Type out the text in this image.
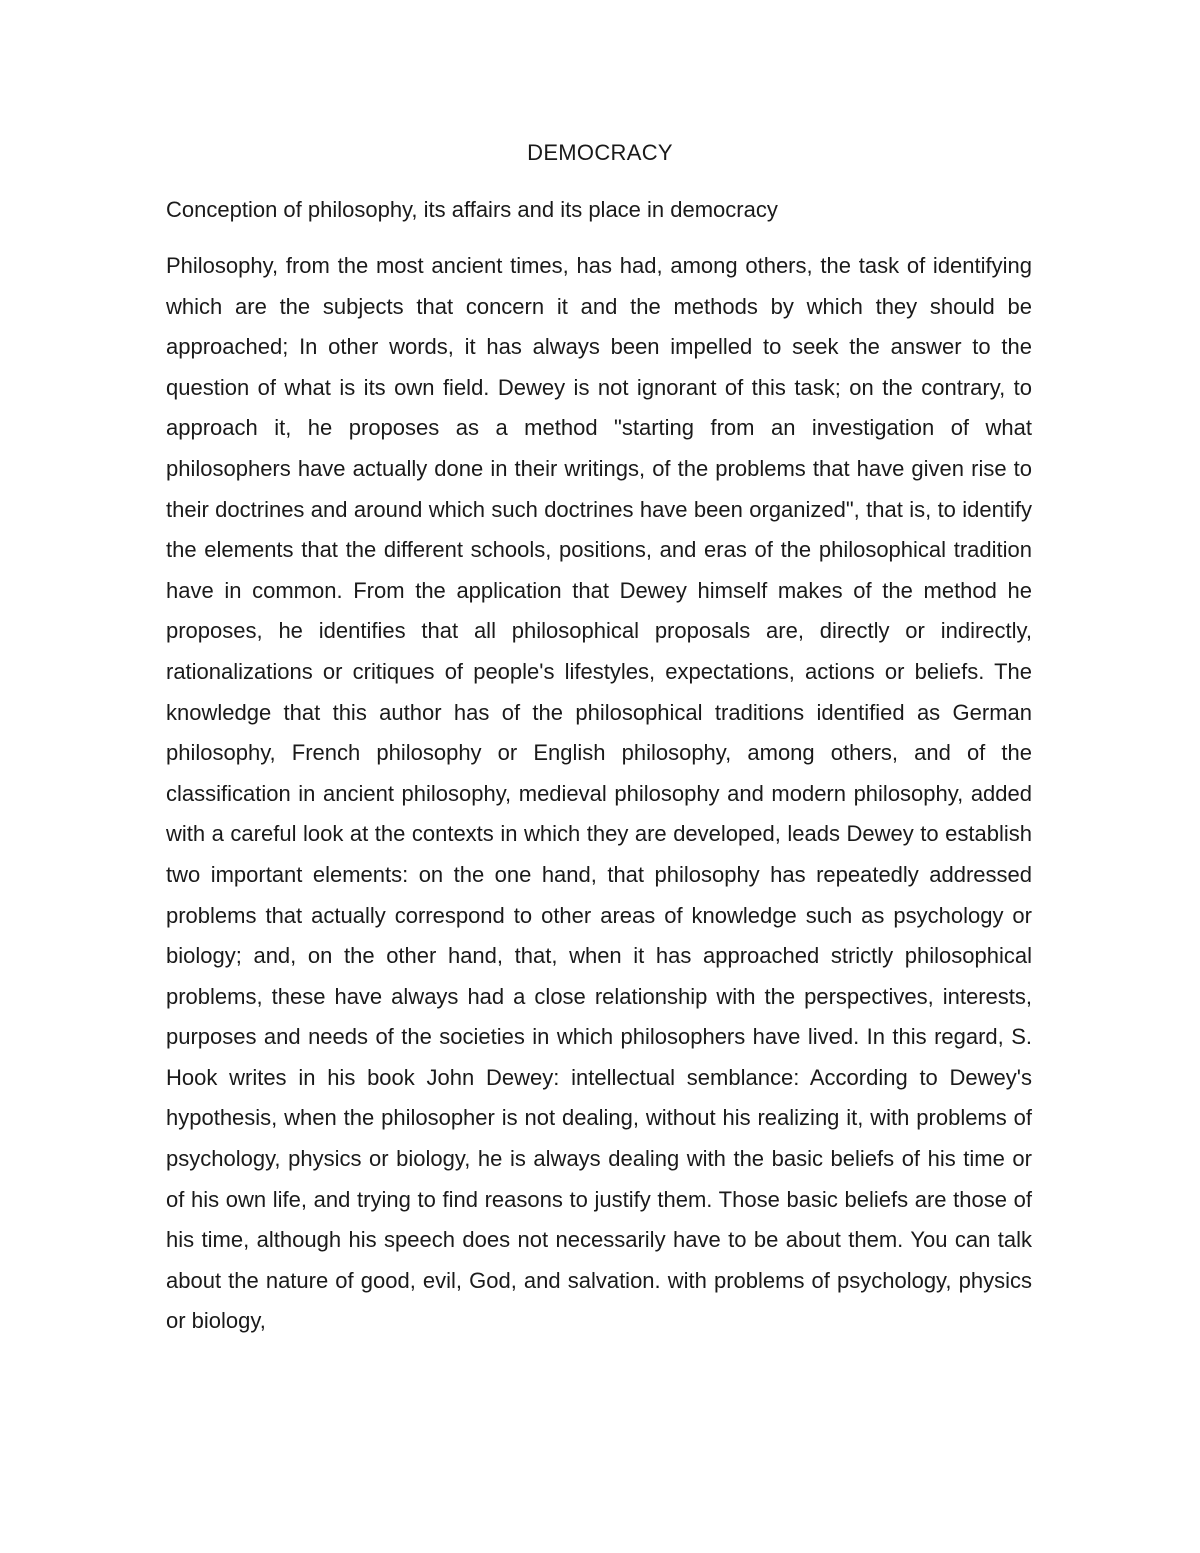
DEMOCRACY
Conception of philosophy, its affairs and its place in democracy

Philosophy, from the most ancient times, has had, among others, the task of identifying which are the subjects that concern it and the methods by which they should be approached; In other words, it has always been impelled to seek the answer to the question of what is its own field. Dewey is not ignorant of this task; on the contrary, to approach it, he proposes as a method "starting from an investigation of what philosophers have actually done in their writings, of the problems that have given rise to their doctrines and around which such doctrines have been organized", that is, to identify the elements that the different schools, positions, and eras of the philosophical tradition have in common. From the application that Dewey himself makes of the method he proposes, he identifies that all philosophical proposals are, directly or indirectly, rationalizations or critiques of people's lifestyles, expectations, actions or beliefs. The knowledge that this author has of the philosophical traditions identified as German philosophy, French philosophy or English philosophy, among others, and of the classification in ancient philosophy, medieval philosophy and modern philosophy, added with a careful look at the contexts in which they are developed, leads Dewey to establish two important elements: on the one hand, that philosophy has repeatedly addressed problems that actually correspond to other areas of knowledge such as psychology or biology; and, on the other hand, that, when it has approached strictly philosophical problems, these have always had a close relationship with the perspectives, interests, purposes and needs of the societies in which philosophers have lived. In this regard, S. Hook writes in his book John Dewey: intellectual semblance: According to Dewey's hypothesis, when the philosopher is not dealing, without his realizing it, with problems of psychology, physics or biology, he is always dealing with the basic beliefs of his time or of his own life, and trying to find reasons to justify them. Those basic beliefs are those of his time, although his speech does not necessarily have to be about them. You can talk about the nature of good, evil, God, and salvation. with problems of psychology, physics or biology,
